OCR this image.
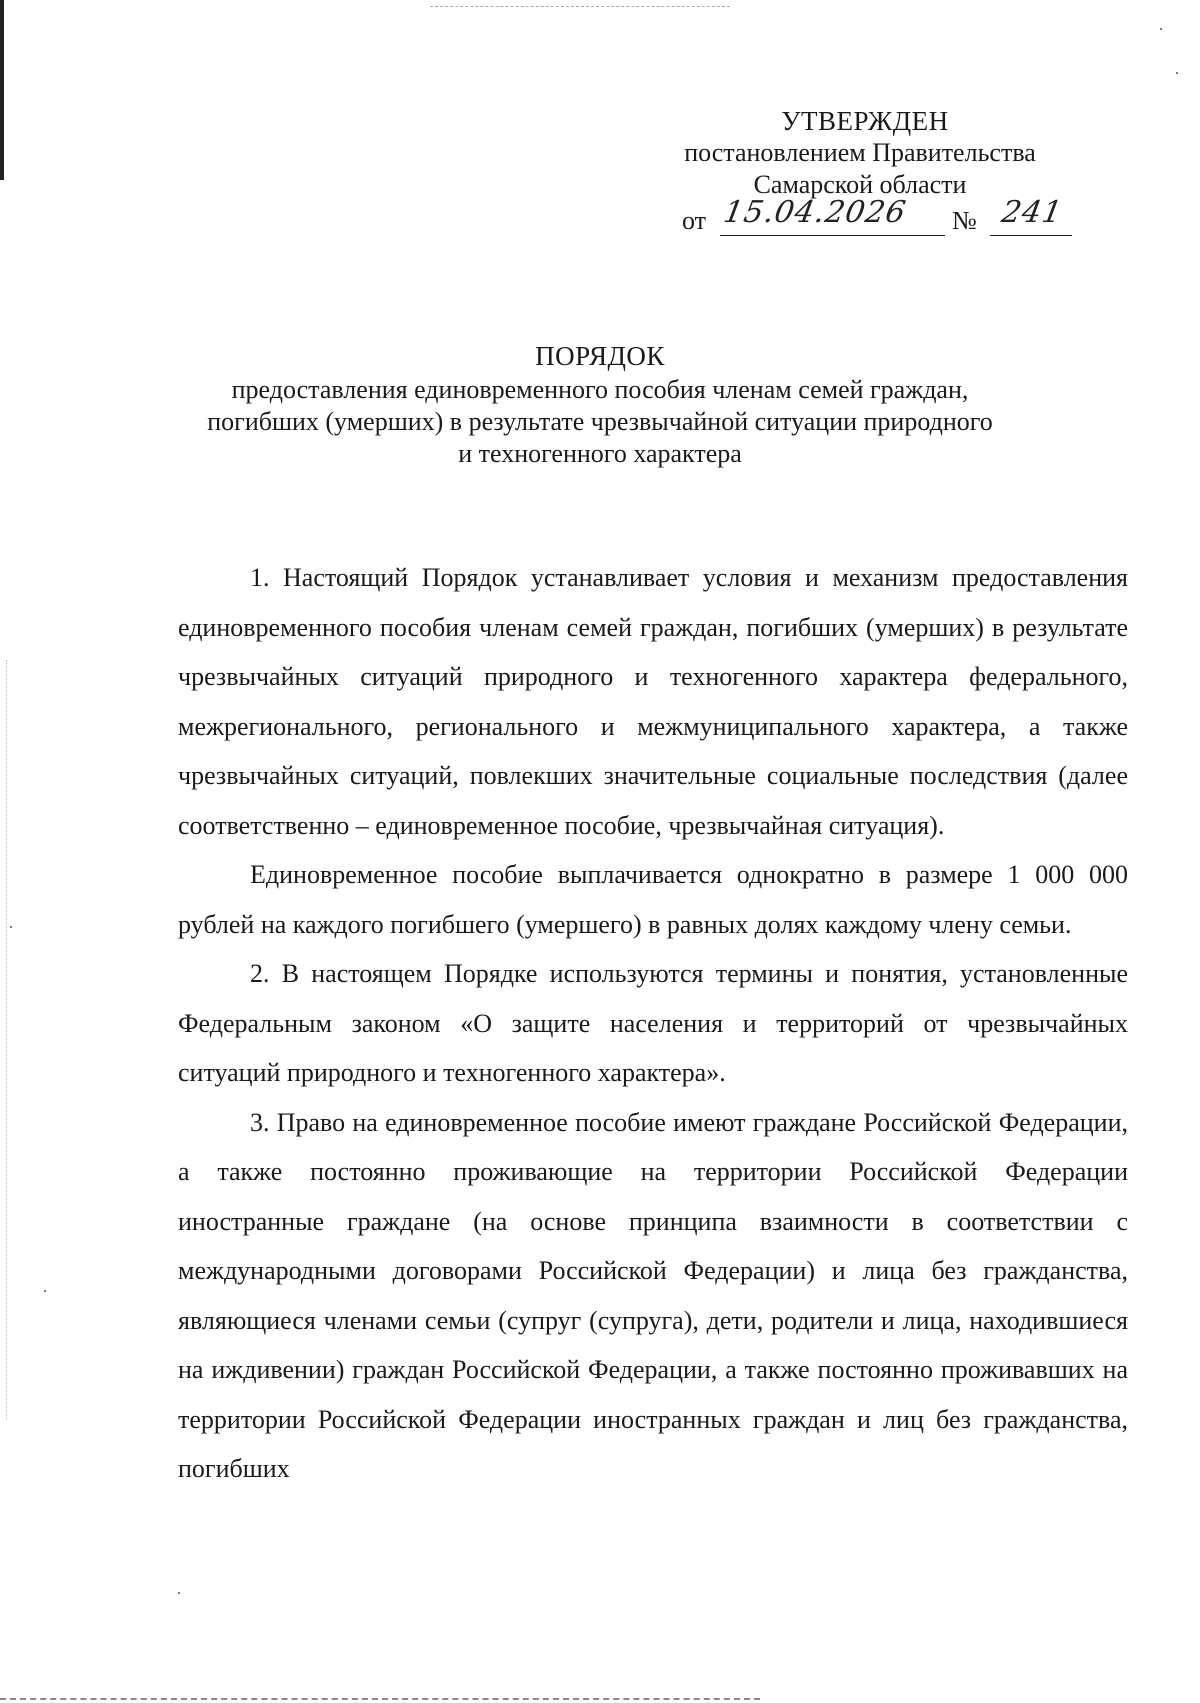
УТВЕРЖДЕН
постановлением Правительства
Самарской области
от 15.04.2026 № 241
ПОРЯДОК
предоставления единовременного пособия членам семей граждан,
погибших (умерших) в результате чрезвычайной ситуации природного
и техногенного характера

1. Настоящий Порядок устанавливает условия и механизм предоставления единовременного пособия членам семей граждан, погибших (умерших) в результате чрезвычайных ситуаций природного и техногенного характера федерального, межрегионального, регионального и межмуниципального характера, а также чрезвычайных ситуаций, повлекших значительные социальные последствия (далее соответственно – единовременное пособие, чрезвычайная ситуация).

Единовременное пособие выплачивается однократно в размере 1 000 000 рублей на каждого погибшего (умершего) в равных долях каждому члену семьи.

2. В настоящем Порядке используются термины и понятия, установленные Федеральным законом «О защите населения и территорий от чрезвычайных ситуаций природного и техногенного характера».

3. Право на единовременное пособие имеют граждане Российской Федерации, а также постоянно проживающие на территории Российской Федерации иностранные граждане (на основе принципа взаимности в соответствии с международными договорами Российской Федерации) и лица без гражданства, являющиеся членами семьи (супруг (супруга), дети, родители и лица, находившиеся на иждивении) граждан Российской Федерации, а также постоянно проживавших на территории Российской Федерации иностранных граждан и лиц без гражданства, погибших
